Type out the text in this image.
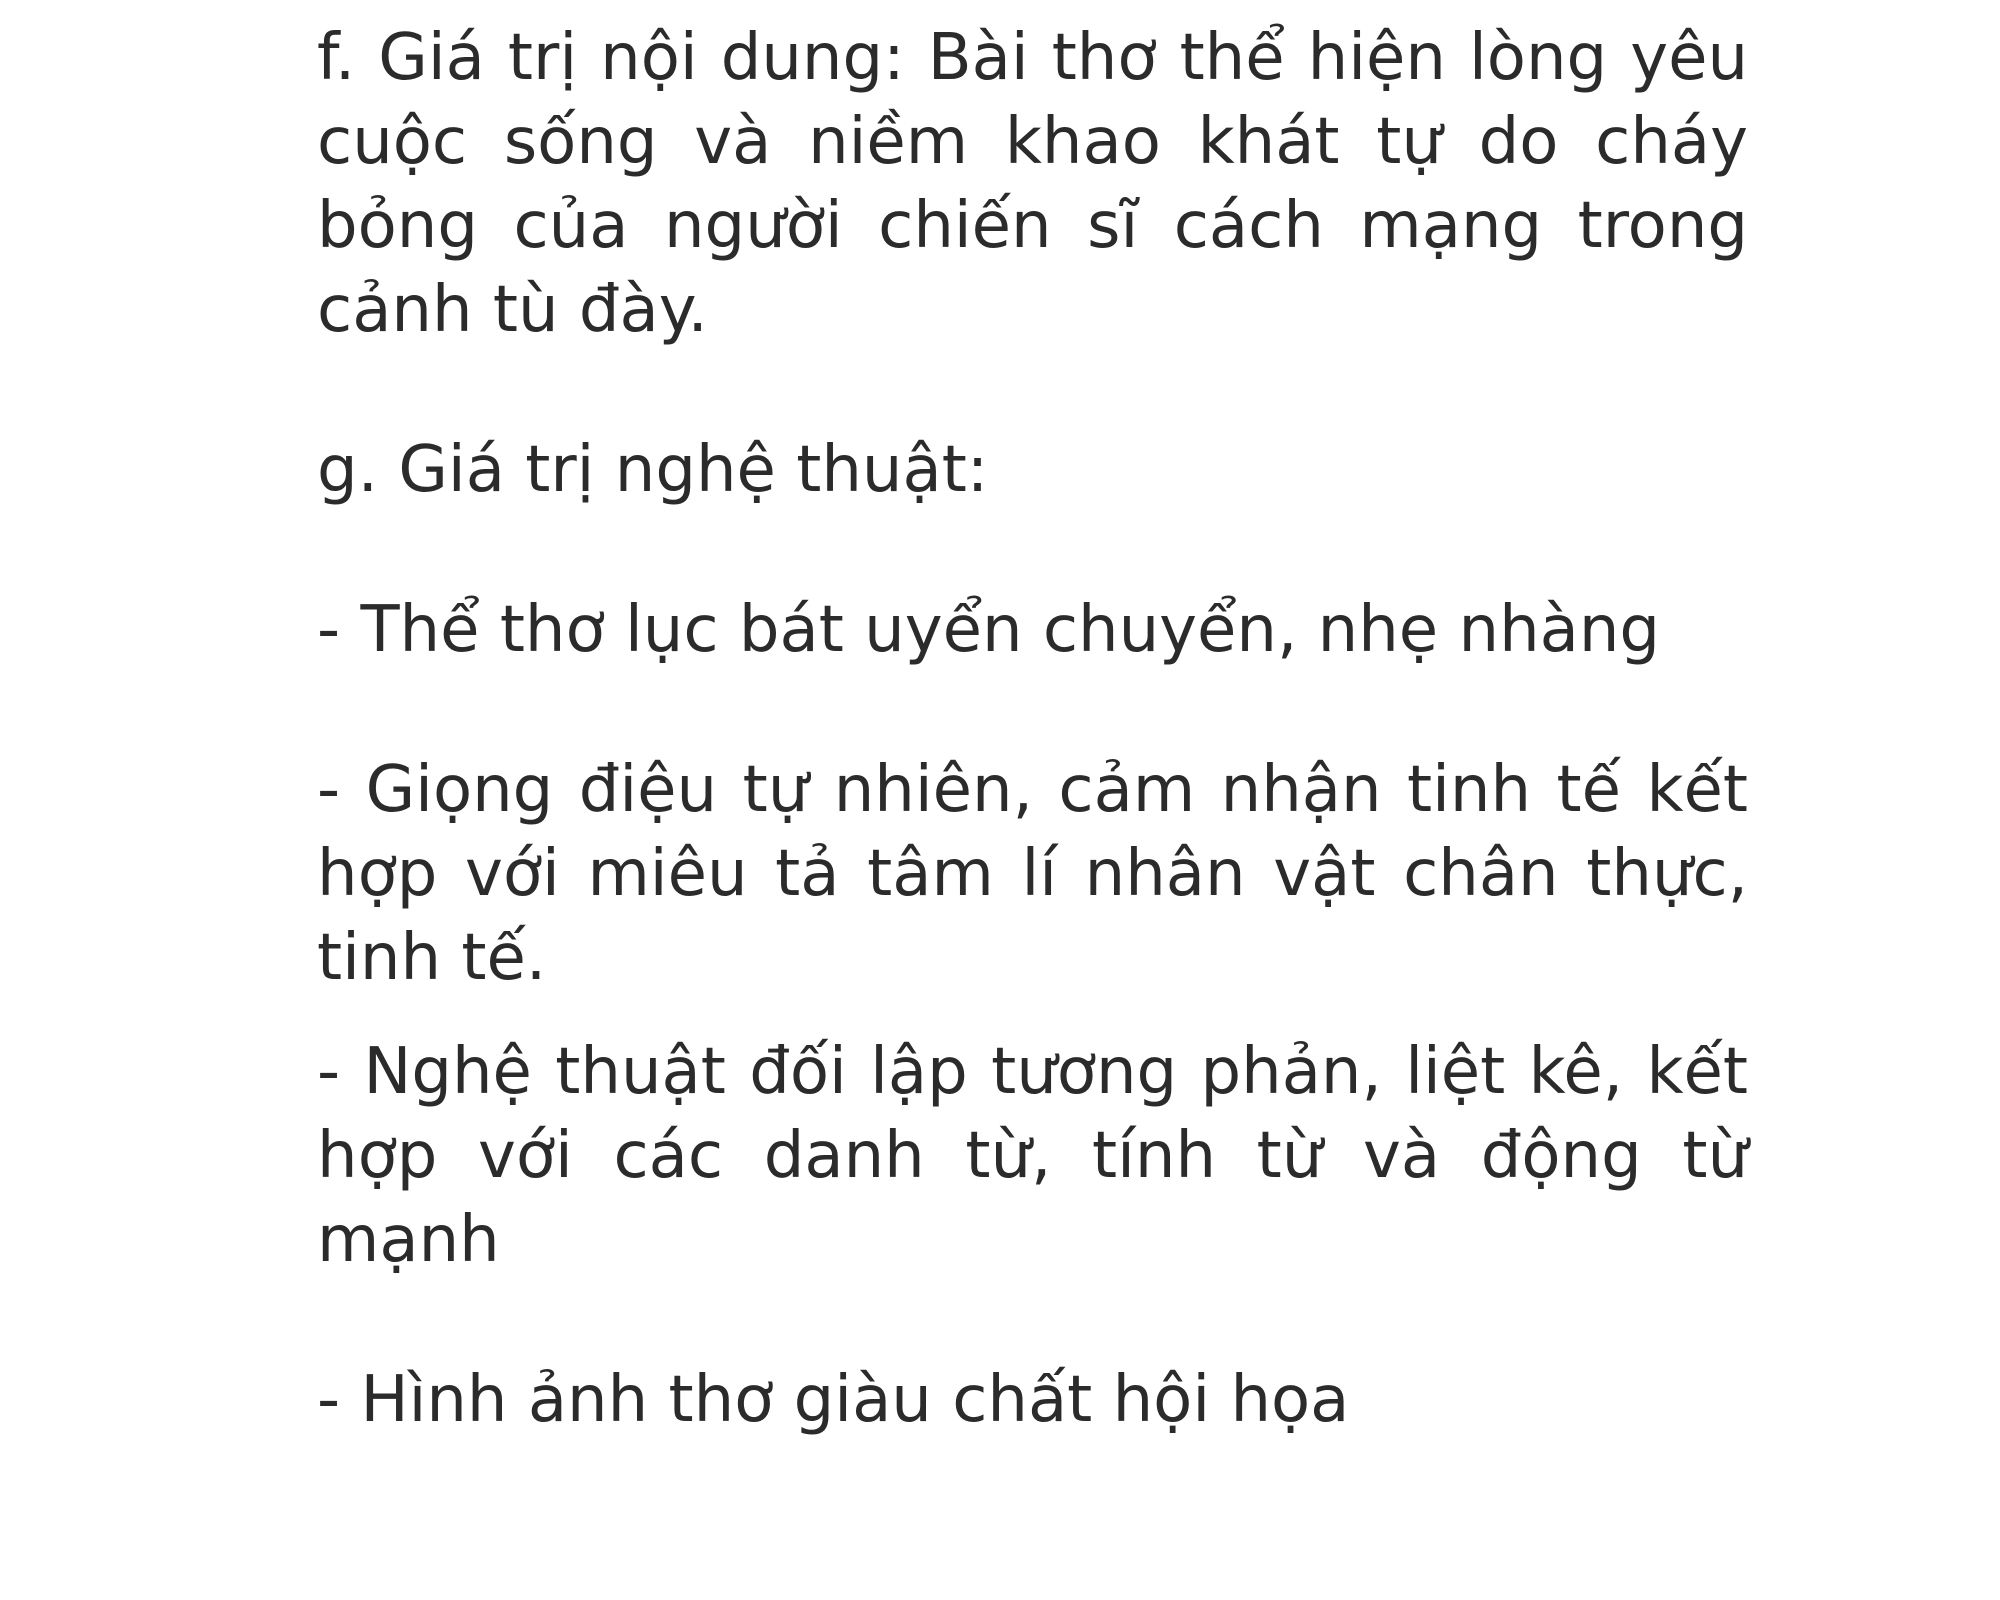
f. Giá trị nội dung: Bài thơ thể hiện lòng yêu cuộc sống và niềm khao khát tự do cháy bỏng của người chiến sĩ cách mạng trong cảnh tù đày.

g. Giá trị nghệ thuật:

- Thể thơ lục bát uyển chuyển, nhẹ nhàng

- Giọng điệu tự nhiên, cảm nhận tinh tế kết hợp với miêu tả tâm lí nhân vật chân thực, tinh tế.

- Nghệ thuật đối lập tương phản, liệt kê, kết hợp với các danh từ, tính từ và động từ mạnh

- Hình ảnh thơ giàu chất hội họa
